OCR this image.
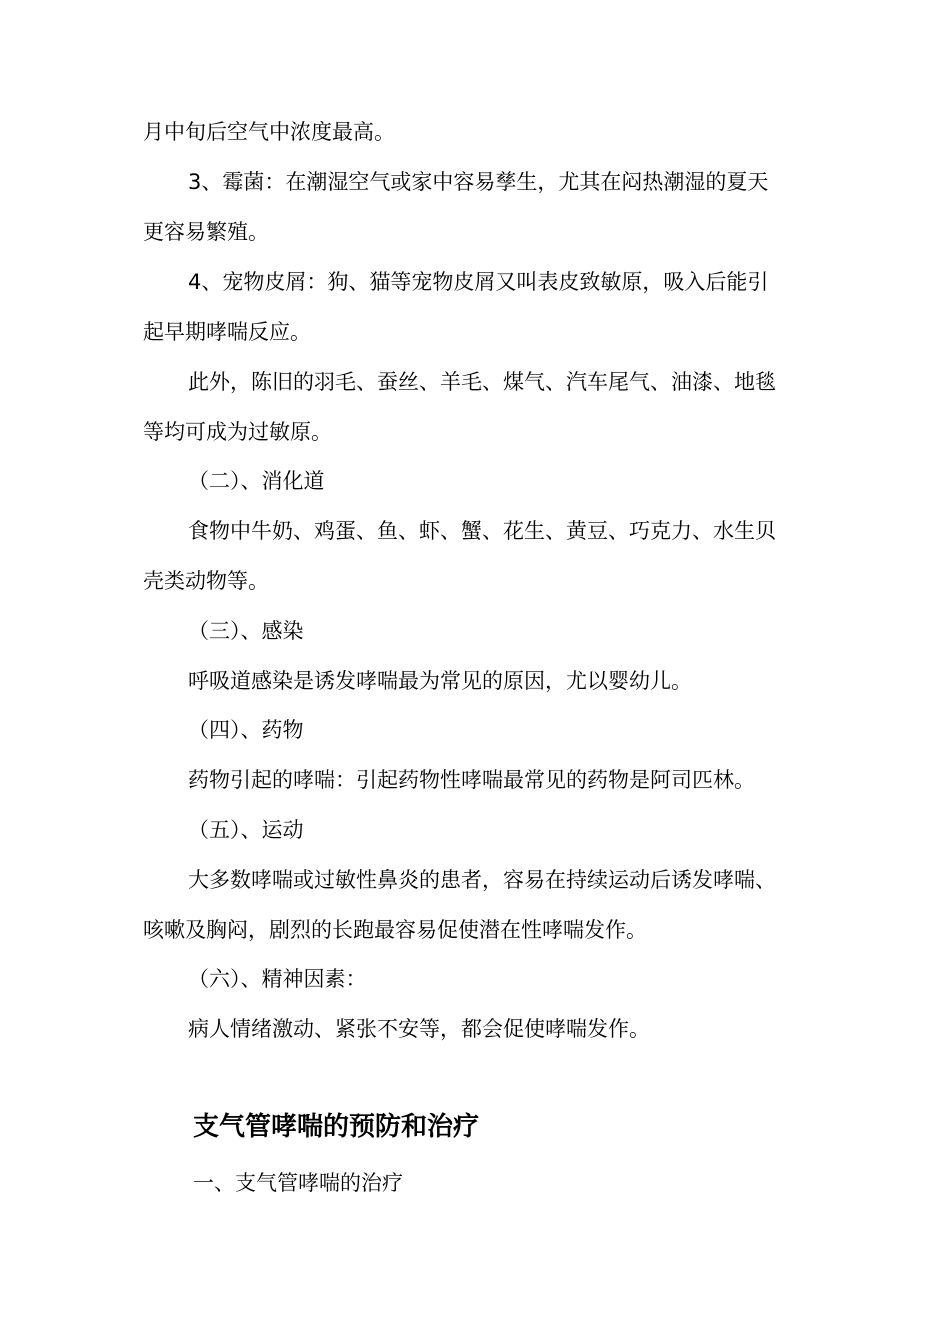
月中旬后空气中浓度最高。
3、霉菌：在潮湿空气或家中容易孳生，尤其在闷热潮湿的夏天
更容易繁殖。
4、宠物皮屑：狗、猫等宠物皮屑又叫表皮致敏原，吸入后能引
起早期哮喘反应。
此外，陈旧的羽毛、蚕丝、羊毛、煤气、汽车尾气、油漆、地毯
等均可成为过敏原。
（二）、消化道
食物中牛奶、鸡蛋、鱼、虾、蟹、花生、黄豆、巧克力、水生贝
壳类动物等。
（三）、感染
呼吸道感染是诱发哮喘最为常见的原因，尤以婴幼儿。
（四）、药物
药物引起的哮喘：引起药物性哮喘最常见的药物是阿司匹林。
（五）、运动
大多数哮喘或过敏性鼻炎的患者，容易在持续运动后诱发哮喘、
咳嗽及胸闷，剧烈的长跑最容易促使潜在性哮喘发作。
（六）、精神因素：
病人情绪激动、紧张不安等，都会促使哮喘发作。
支气管哮喘的预防和治疗
一、支气管哮喘的治疗
